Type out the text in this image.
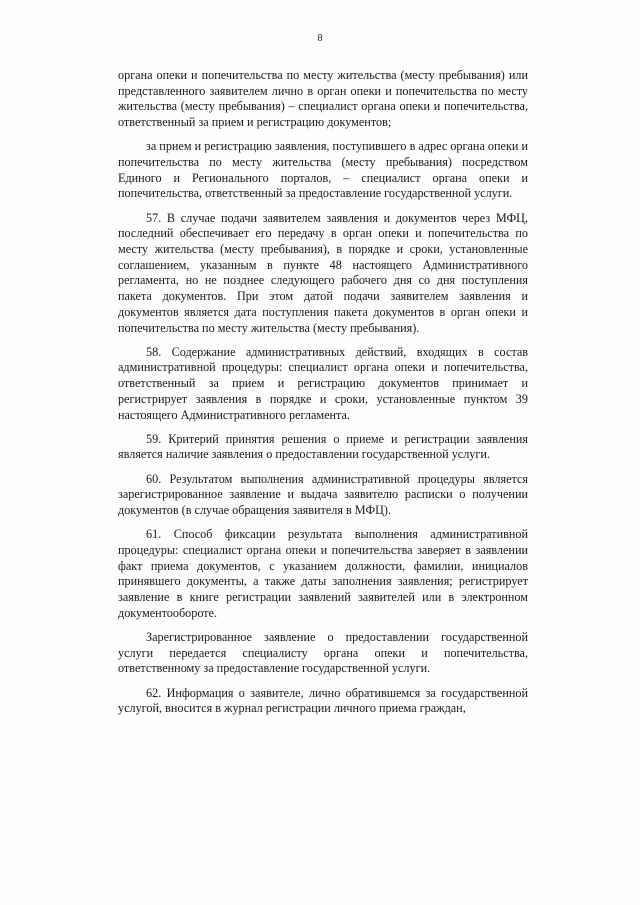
8

органа опеки и попечительства по месту жительства (месту пребывания) или представленного заявителем лично в орган опеки и попечительства по месту жительства (месту пребывания) – специалист органа опеки и попечительства, ответственный за прием и регистрацию документов;

за прием и регистрацию заявления, поступившего в адрес органа опеки и попечительства по месту жительства (месту пребывания) посредством Единого и Регионального порталов, – специалист органа опеки и попечительства, ответственный за предоставление государственной услуги.

57. В случае подачи заявителем заявления и документов через МФЦ, последний обеспечивает его передачу в орган опеки и попечительства по месту жительства (месту пребывания), в порядке и сроки, установленные соглашением, указанным в пункте 48 настоящего Административного регламента, но не позднее следующего рабочего дня со дня поступления пакета документов. При этом датой подачи заявителем заявления и документов является дата поступления пакета документов в орган опеки и попечительства по месту жительства (месту пребывания).

58. Содержание административных действий, входящих в состав административной процедуры: специалист органа опеки и попечительства, ответственный за прием и регистрацию документов принимает и регистрирует заявления в порядке и сроки, установленные пунктом 39 настоящего Административного регламента.

59. Критерий принятия решения о приеме и регистрации заявления является наличие заявления о предоставлении государственной услуги.

60. Результатом выполнения административной процедуры является зарегистрированное заявление и выдача заявителю расписки о получении документов (в случае обращения заявителя в МФЦ).

61. Способ фиксации результата выполнения административной процедуры: специалист органа опеки и попечительства заверяет в заявлении факт приема документов, с указанием должности, фамилии, инициалов принявшего документы, а также даты заполнения заявления; регистрирует заявление в книге регистрации заявлений заявителей или в электронном документообороте.

Зарегистрированное заявление о предоставлении государственной услуги передается специалисту органа опеки и попечительства, ответственному за предоставление государственной услуги.

62. Информация о заявителе, лично обратившемся за государственной услугой, вносится в журнал регистрации личного приема граждан,
